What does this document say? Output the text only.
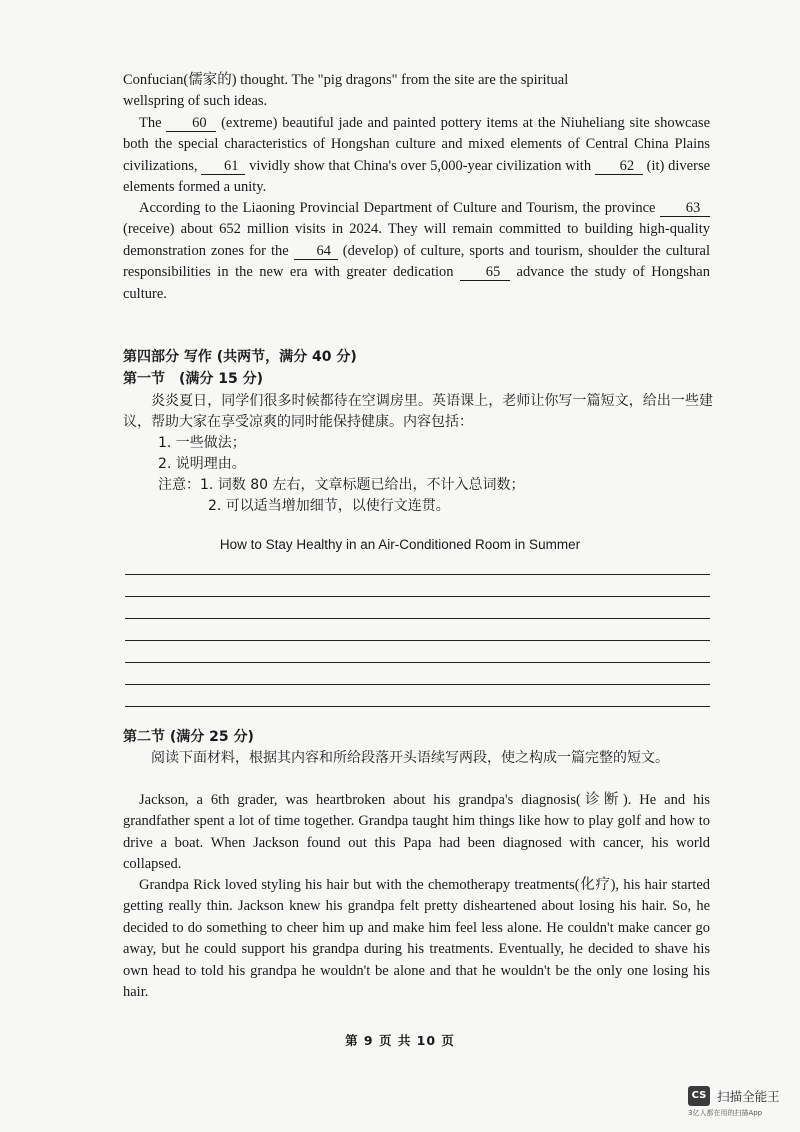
Confucian(儒家的) thought. The "pig dragons" from the site are the spiritual
wellspring of such ideas.
The 60 (extreme) beautiful jade and painted pottery items at the Niuheliang site showcase both the special characteristics of Hongshan culture and mixed elements of Central China Plains civilizations, 61 vividly show that China's over 5,000-year civilization with 62 (it) diverse elements formed a unity.
According to the Liaoning Provincial Department of Culture and Tourism, the province 63 (receive) about 652 million visits in 2024. They will remain committed to building high-quality demonstration zones for the 64 (develop) of culture, sports and tourism, shoulder the cultural responsibilities in the new era with greater dedication 65 advance the study of Hongshan culture.
第四部分 写作 (共两节，满分 40 分)
第一节　(满分 15 分)
炎炎夏日，同学们很多时候都待在空调房里。英语课上，老师让你写一篇短文，给出一些建议，帮助大家在享受凉爽的同时能保持健康。内容包括：
1. 一些做法；
2. 说明理由。
注意：1. 词数 80 左右，文章标题已给出，不计入总词数；
2. 可以适当增加细节，以使行文连贯。
How to Stay Healthy in an Air-Conditioned Room in Summer
第二节 (满分 25 分)
阅读下面材料，根据其内容和所给段落开头语续写两段，使之构成一篇完整的短文。
Jackson, a 6th grader, was heartbroken about his grandpa's diagnosis(诊断). He and his grandfather spent a lot of time together. Grandpa taught him things like how to play golf and how to drive a boat. When Jackson found out this Papa had been diagnosed with cancer, his world collapsed.
Grandpa Rick loved styling his hair but with the chemotherapy treatments(化疗), his hair started getting really thin. Jackson knew his grandpa felt pretty disheartened about losing his hair. So, he decided to do something to cheer him up and make him feel less alone. He couldn't make cancer go away, but he could support his grandpa during his treatments. Eventually, he decided to shave his own head to told his grandpa he wouldn't be alone and that he wouldn't be the only one losing his hair.
第 9 页 共 10 页
CS 扫描全能王
3亿人都在用的扫描App
